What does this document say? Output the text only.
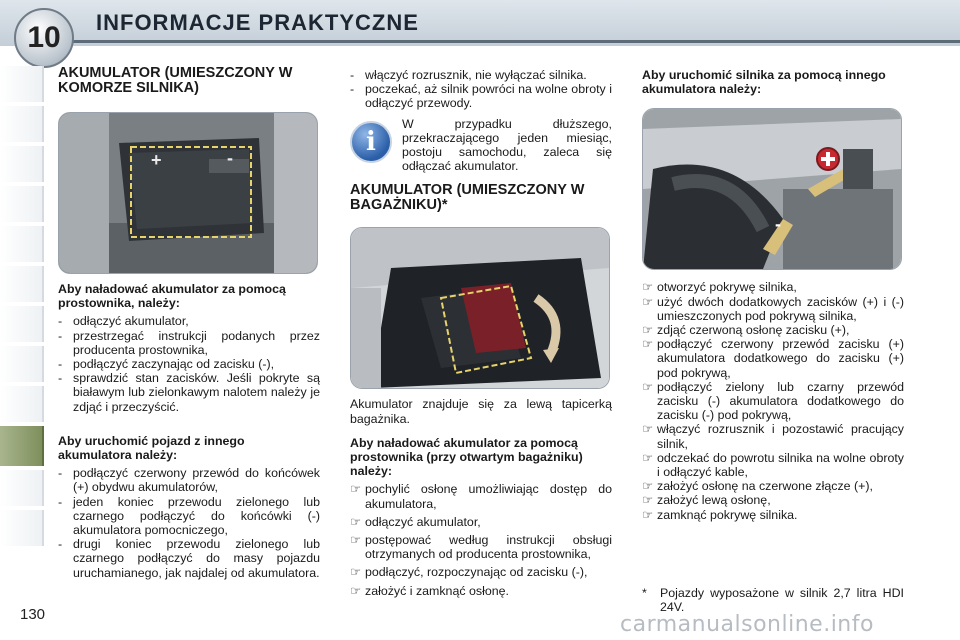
10	INFORMACJE PRAKTYCZNE
130
AKUMULATOR (UMIESZCZONY W KOMORZE SILNIKA)
+	-

Aby naładować akumulator za pomocą prostownika, należy:

- odłączyć akumulator,
- przestrzegać instrukcji podanych przez producenta prostownika,
- podłączyć zaczynając od zacisku (-),
- sprawdzić stan zacisków. Jeśli pokryte są białawym lub zielonkawym nalotem należy je zdjąć i przeczyścić.

Aby uruchomić pojazd z innego akumulatora należy:

- podłączyć czerwony przewód do końcówek (+) obydwu akumulatorów,
- jeden koniec przewodu zielonego lub czarnego podłączyć do końcówki (-) akumulatora pomocniczego,
- drugi koniec przewodu zielonego lub czarnego podłączyć do masy pojazdu uruchamianego, jak najdalej od akumulatora.
- włączyć rozrusznik, nie wyłączać silnika.
- poczekać, aż silnik powróci na wolne obroty i odłączyć przewody.
i

W przypadku dłuższego, przekraczającego jeden miesiąc, postoju samochodu, zaleca się odłączać akumulator.

AKUMULATOR (UMIESZCZONY W BAGAŻNIKU)*

Akumulator znajduje się za lewą tapicerką bagażnika.

Aby naładować akumulator za pomocą prostownika (przy otwartym bagażniku) należy:

☞ pochylić osłonę umożliwiając dostęp do akumulatora,
☞ odłączyć akumulator,
☞ postępować według instrukcji obsługi otrzymanych od producenta prostownika,
☞ podłączyć, rozpoczynając od zacisku (-),
☞ założyć i zamknąć osłonę.

Aby uruchomić silnika za pomocą innego akumulatora należy:

-
☞ otworzyć pokrywę silnika,
☞ użyć dwóch dodatkowych zacisków (+) i (-) umieszczonych pod pokrywą silnika,
☞ zdjąć czerwoną osłonę zacisku (+),
☞ podłączyć czerwony przewód zacisku (+) akumulatora dodatkowego do zacisku (+) pod pokrywą,
☞ podłączyć zielony lub czarny przewód zacisku (-) akumulatora dodatkowego do zacisku (-) pod pokrywą,
☞ włączyć rozrusznik i pozostawić pracujący silnik,
☞ odczekać do powrotu silnika na wolne obroty i odłączyć kable,
☞ założyć osłonę na czerwone złącze (+),
☞ założyć lewą osłonę,
☞ zamknąć pokrywę silnika.
* Pojazdy wyposażone w silnik 2,7 litra HDI 24V.
carmanualsonline.info
